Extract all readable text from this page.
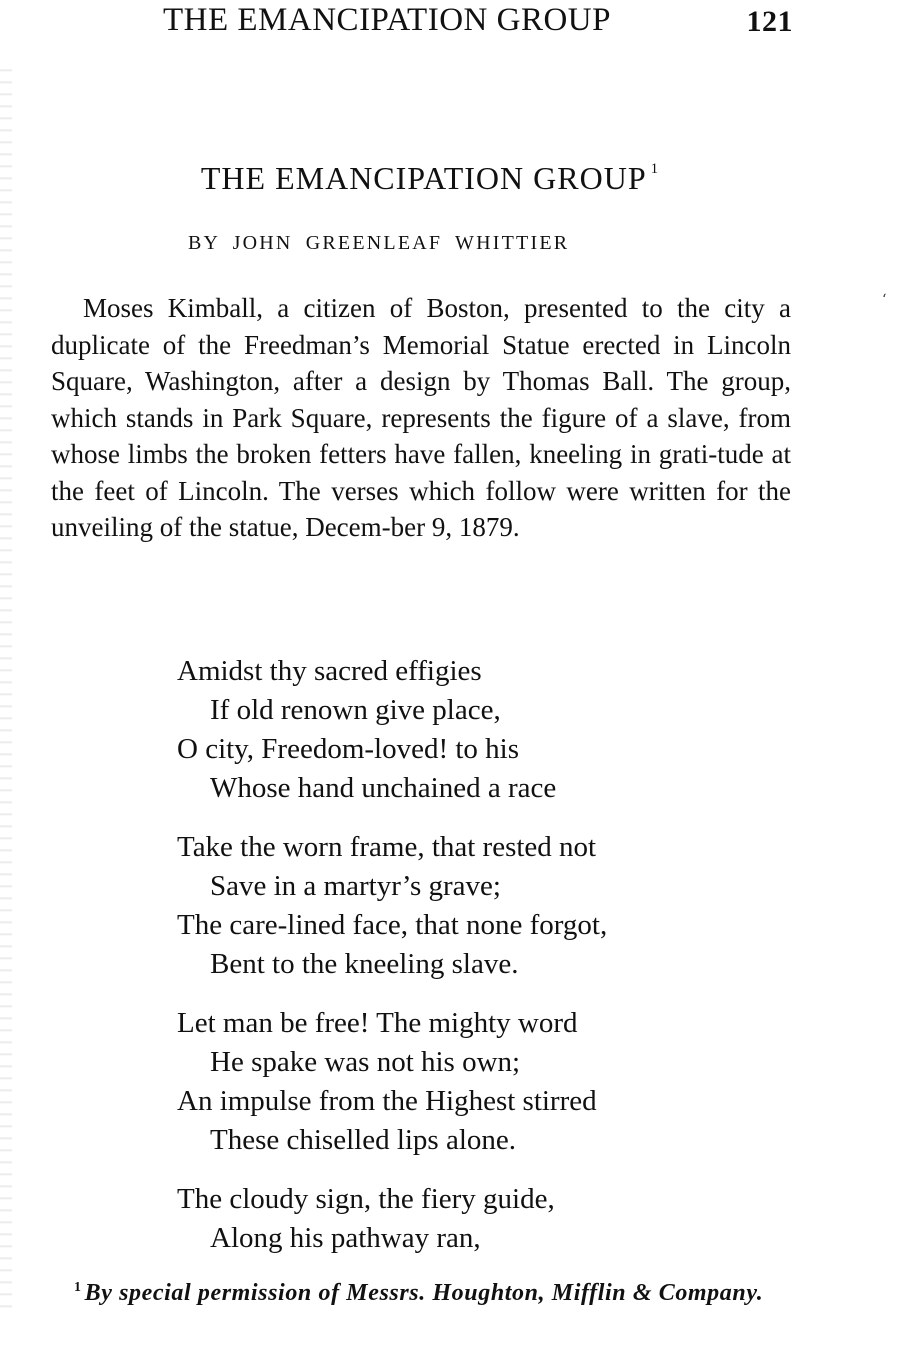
THE EMANCIPATION GROUP	121
THE EMANCIPATION GROUP $^1$
BY JOHN GREENLEAF WHITTIER

Moses Kimball, a citizen of Boston, presented to the city a duplicate of the Freedman’s Memorial Statue erected in Lincoln Square, Washington, after a design by Thomas Ball. The group, which stands in Park Square, represents the figure of a slave, from whose limbs the broken fetters have fallen, kneeling in grati-tude at the feet of Lincoln. The verses which follow were written for the unveiling of the statue, Decem-ber 9, 1879.

Amidst thy sacred effigies
If old renown give place,
O city, Freedom-loved! to his
Whose hand unchained a race
Take the worn frame, that rested not
Save in a martyr’s grave;
The care-lined face, that none forgot,
Bent to the kneeling slave.
Let man be free! The mighty word
He spake was not his own;
An impulse from the Highest stirred
These chiselled lips alone.
The cloudy sign, the fiery guide,
Along his pathway ran,
$^1$ By special permission of Messrs. Houghton, Mifflin & Company.
‘
